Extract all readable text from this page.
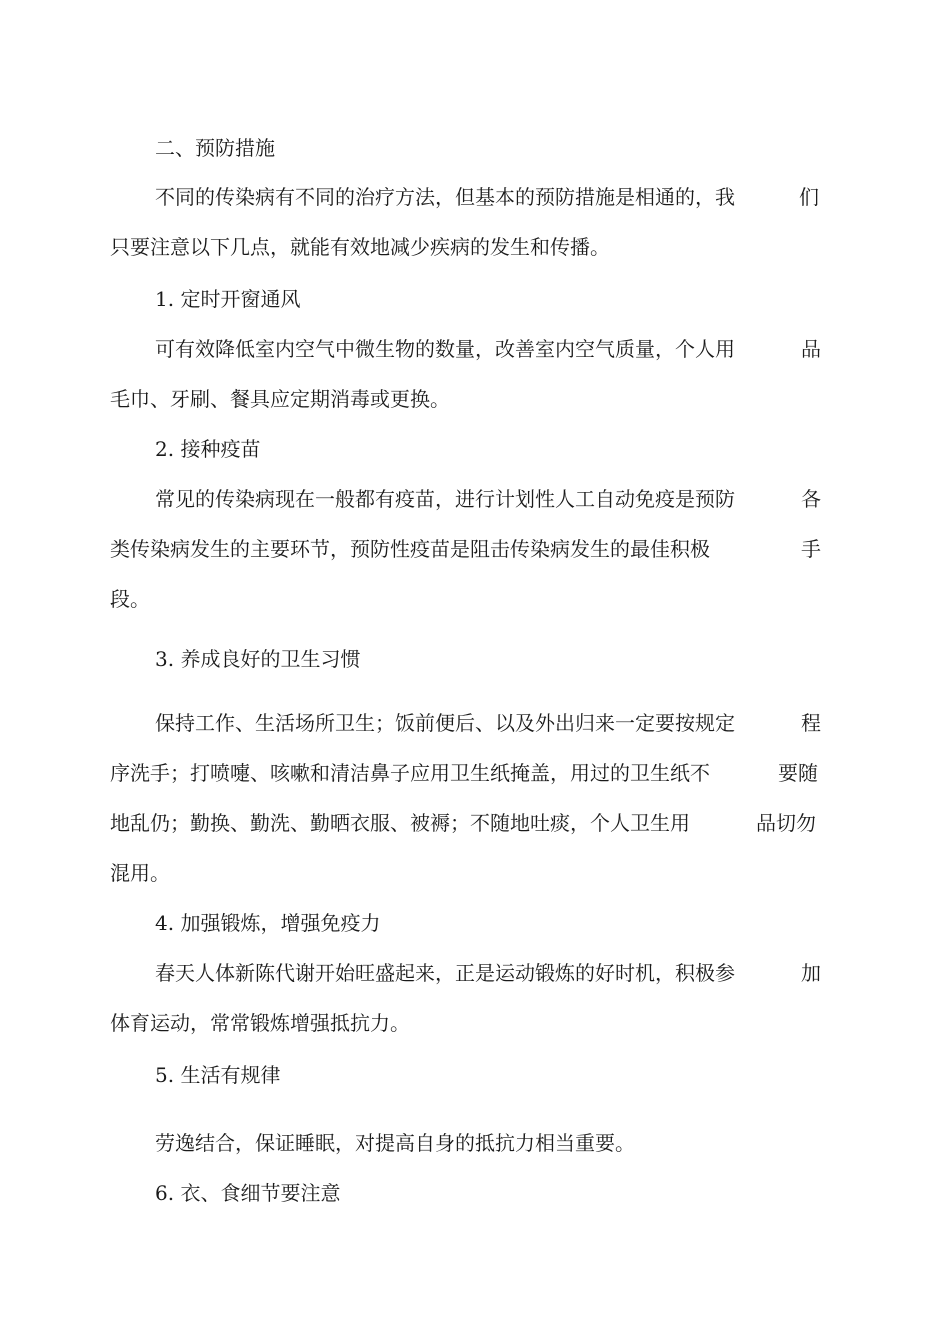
二、预防措施
不同的传染病有不同的治疗方法，但基本的预防措施是相通的，我	们
只要注意以下几点，就能有效地减少疾病的发生和传播。
1. 定时开窗通风
可有效降低室内空气中微生物的数量，改善室内空气质量，个人用	品
毛巾、牙刷、餐具应定期消毒或更换。
2. 接种疫苗
常见的传染病现在一般都有疫苗，进行计划性人工自动免疫是预防	各
类传染病发生的主要环节，预防性疫苗是阻击传染病发生的最佳积极	手
段。
3. 养成良好的卫生习惯
保持工作、生活场所卫生；饭前便后、以及外出归来一定要按规定	程
序洗手；打喷嚏、咳嗽和清洁鼻子应用卫生纸掩盖，用过的卫生纸不	要随
地乱仍；勤换、勤洗、勤晒衣服、被褥；不随地吐痰，个人卫生用	品切勿
混用。
4. 加强锻炼，增强免疫力
春天人体新陈代谢开始旺盛起来，正是运动锻炼的好时机，积极参	加
体育运动，常常锻炼增强抵抗力。
5. 生活有规律
劳逸结合，保证睡眠，对提高自身的抵抗力相当重要。
6. 衣、食细节要注意
